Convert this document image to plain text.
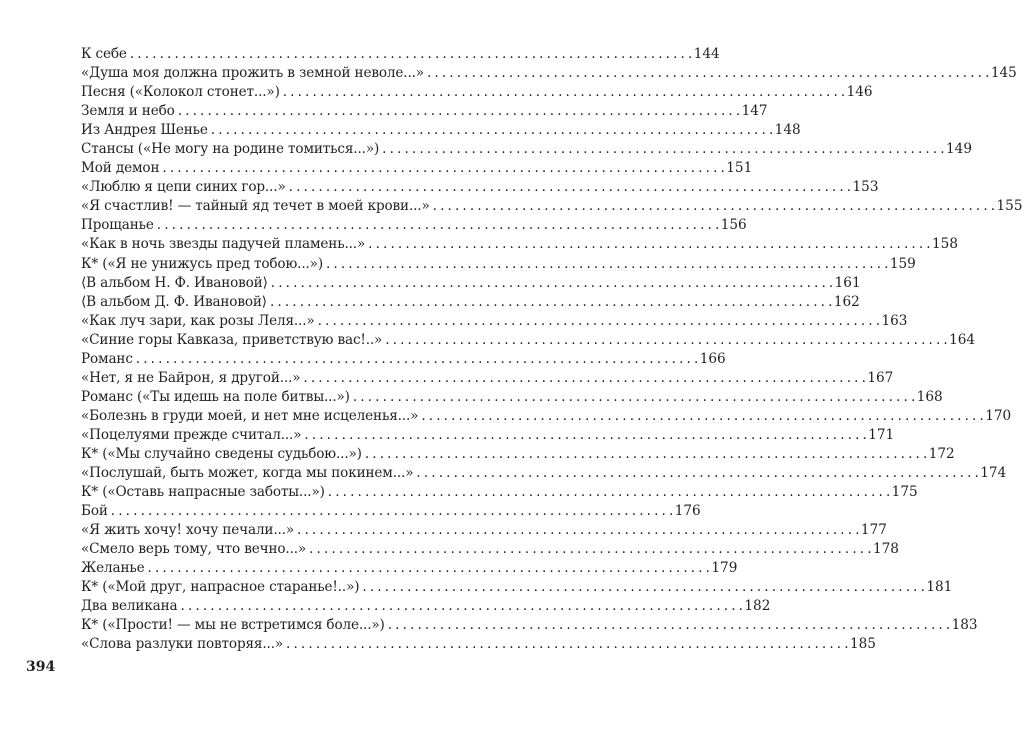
394
К себе . . .	144
«Душа моя должна прожить в земной неволе...» . . .	145
Песня («Колокол стонет...») . . .	146
Земля и небо . . .	147
Из Андрея Шенье . . .	148
Стансы («Не могу на родине томиться...») . . .	149
Мой демон . . .	151
«Люблю я цепи синих гор...» . . .	153
«Я счастлив! — тайный яд течет в моей крови...» . . .	155
Прощанье . . .	156
«Как в ночь звезды падучей пламень...» . . .	158
К* («Я не унижусь пред тобою...») . . .	159
⟨В альбом Н. Ф. Ивановой⟩ . . .	161
⟨В альбом Д. Ф. Ивановой⟩ . . .	162
«Как луч зари, как розы Леля...» . . .	163
«Синие горы Кавказа, приветствую вас!..» . . .	164
Романс . . .	166
«Нет, я не Байрон, я другой...» . . .	167
Романс («Ты идешь на поле битвы...») . . .	168
«Болезнь в груди моей, и нет мне исцеленья...» . . .	170
«Поцелуями прежде считал...» . . .	171
К* («Мы случайно сведены судьбою...») . . .	172
«Послушай, быть может, когда мы покинем...» . . .	174
К* («Оставь напрасные заботы...») . . .	175
Бой . . .	176
«Я жить хочу! хочу печали...» . . .	177
«Смело верь тому, что вечно...» . . .	178
Желанье . . .	179
К* («Мой друг, напрасное старанье!..») . . .	181
Два великана . . .	182
К* («Прости! — мы не встретимся боле...») . . .	183
«Слова разлуки повторяя...» . . .	185
